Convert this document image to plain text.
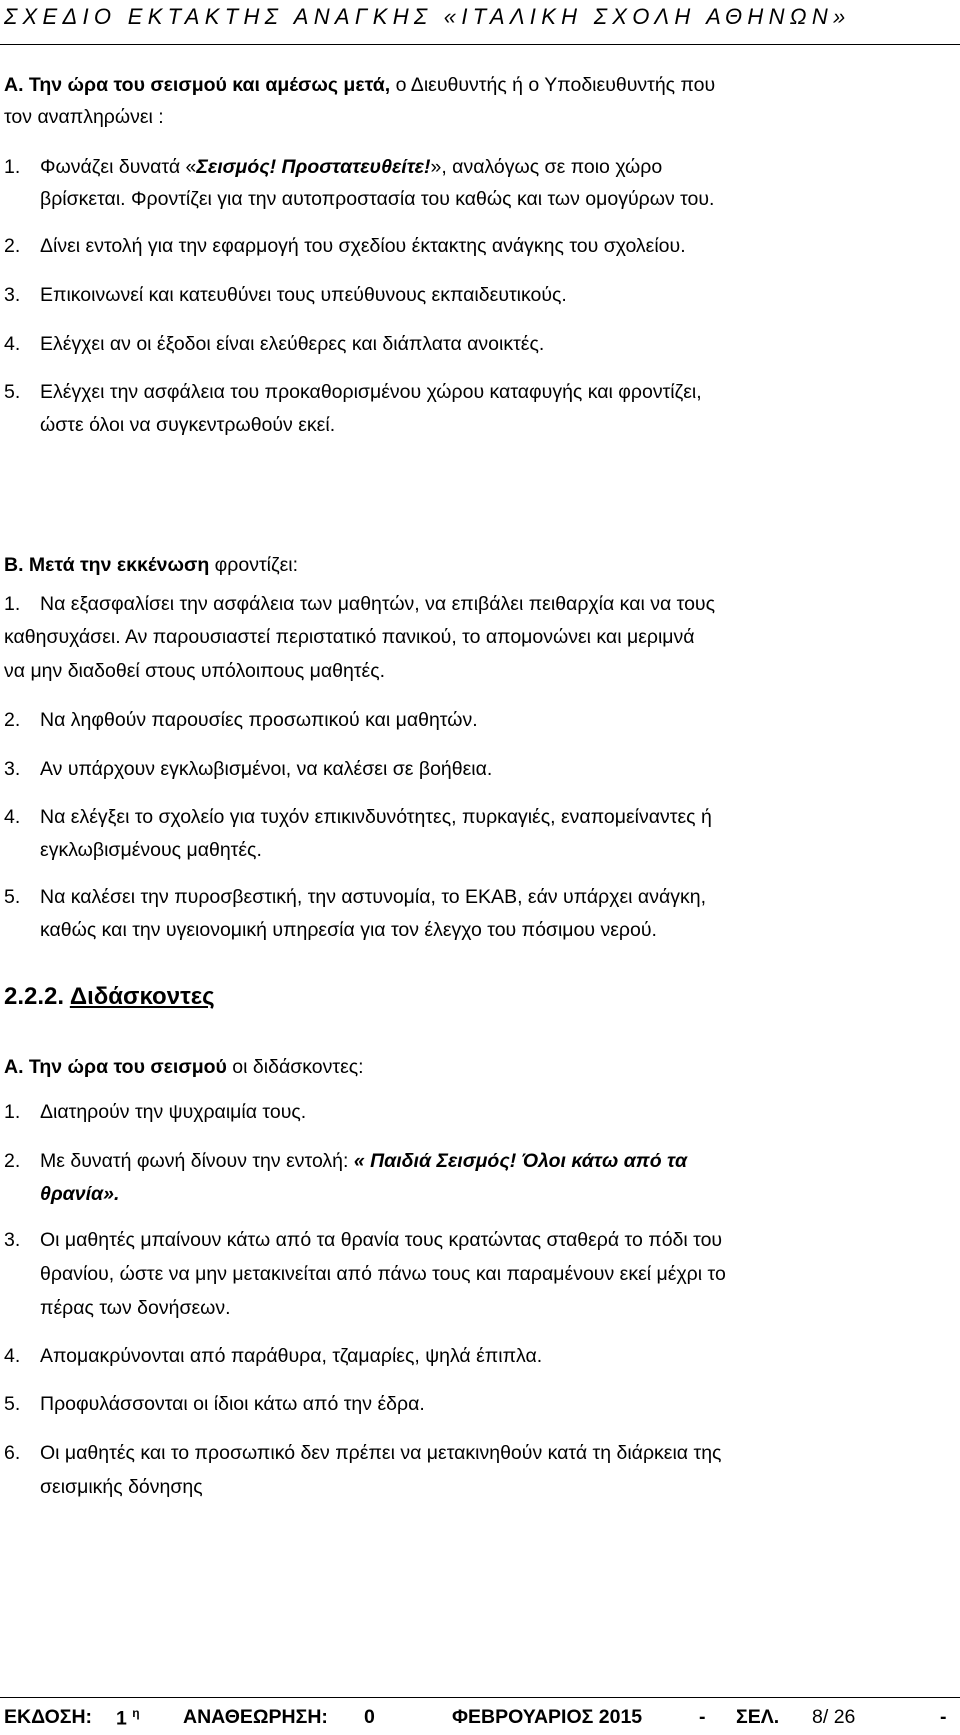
ΣΧΕΔΙΟ ΕΚΤΑΚΤΗΣ ΑΝΑΓΚΗΣ «ΙΤΑΛΙΚΗ ΣΧΟΛΗ ΑΘΗΝΩΝ»
Α. Την ώρα του σεισμού και αμέσως μετά, ο Διευθυντής ή ο Υποδιευθυντής που
τον αναπληρώνει :
1. Φωνάζει δυνατά «Σεισμός! Προστατευθείτε!», αναλόγως σε ποιο χώρο
βρίσκεται. Φροντίζει για την αυτοπροστασία του καθώς και των ομογύρων του.
2. Δίνει εντολή για την εφαρμογή του σχεδίου έκτακτης ανάγκης του σχολείου.
3. Επικοινωνεί και κατευθύνει τους υπεύθυνους εκπαιδευτικούς.
4. Ελέγχει αν οι έξοδοι είναι ελεύθερες και διάπλατα ανοικτές.
5. Ελέγχει την ασφάλεια του προκαθορισμένου χώρου καταφυγής και φροντίζει,
ώστε όλοι να συγκεντρωθούν εκεί.
Β. Μετά την εκκένωση φροντίζει:
1. Να εξασφαλίσει την ασφάλεια των μαθητών, να επιβάλει πειθαρχία και να τους
καθησυχάσει. Αν παρουσιαστεί περιστατικό πανικού, το απομονώνει και μεριμνά
να μην διαδοθεί στους υπόλοιπους μαθητές.
2. Να ληφθούν παρουσίες προσωπικού και μαθητών.
3. Αν υπάρχουν εγκλωβισμένοι, να καλέσει σε βοήθεια.
4. Να ελέγξει το σχολείο για τυχόν επικινδυνότητες, πυρκαγιές, εναπομείναντες ή
εγκλωβισμένους μαθητές.
5. Να καλέσει την πυροσβεστική, την αστυνομία, το ΕΚΑΒ, εάν υπάρχει ανάγκη,
καθώς και την υγειονομική υπηρεσία για τον έλεγχο του πόσιμου νερού.
2.2.2. Διδάσκοντες
Α. Την ώρα του σεισμού οι διδάσκοντες:
1. Διατηρούν την ψυχραιμία τους.
2. Με δυνατή φωνή δίνουν την εντολή: « Παιδιά Σεισμός! Όλοι κάτω από τα
θρανία».
3. Οι μαθητές μπαίνουν κάτω από τα θρανία τους κρατώντας σταθερά το πόδι του
θρανίου, ώστε να μην μετακινείται από πάνω τους και παραμένουν εκεί μέχρι το
πέρας των δονήσεων.
4. Απομακρύνονται από παράθυρα, τζαμαρίες, ψηλά έπιπλα.
5. Προφυλάσσονται οι ίδιοι κάτω από την έδρα.
6. Οι μαθητές και το προσωπικό δεν πρέπει να μετακινηθούν κατά τη διάρκεια της
σεισμικής δόνησης
ΕΚΔΟΣΗ: 1 $^\eta$ ΑΝΑΘΕΩΡΗΣΗ: 0	ΦΕΒΡΟΥΑΡΙΟΣ 2015	- ΣΕΛ. 8/ 26	-
